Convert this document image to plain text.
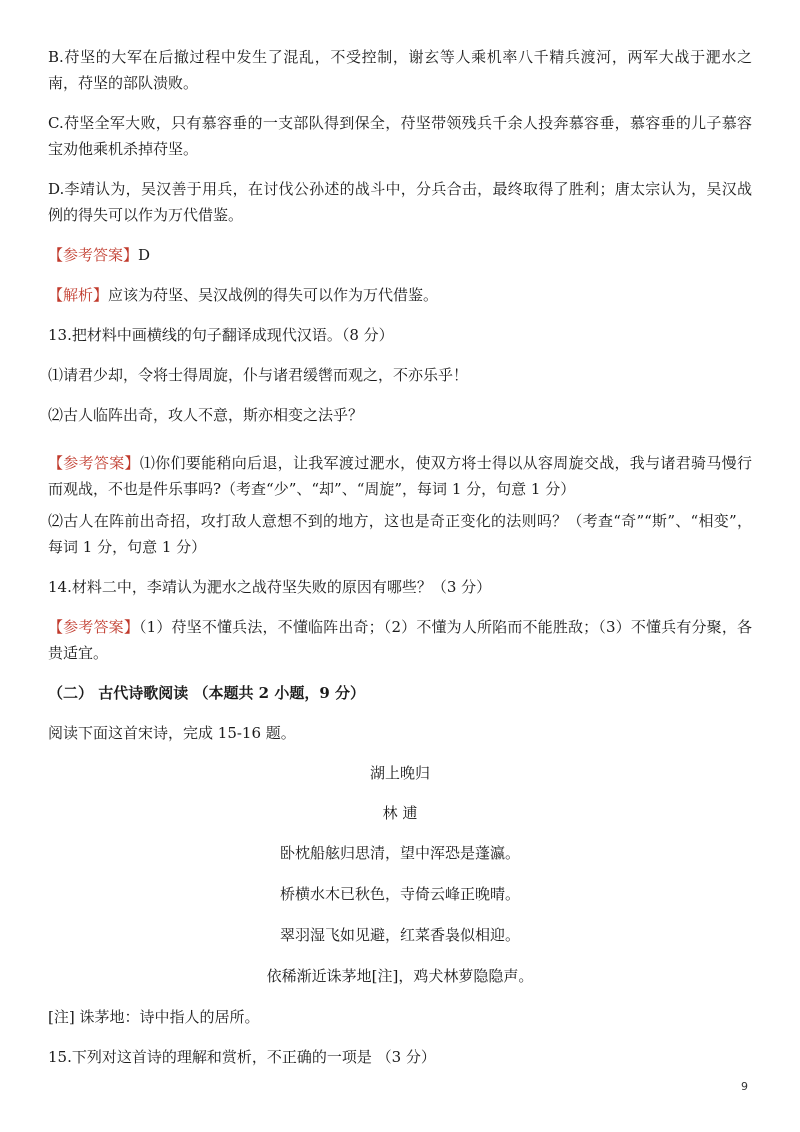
B.苻坚的大军在后撤过程中发生了混乱，不受控制，谢玄等人乘机率八千精兵渡河，两军大战于淝水之南，苻坚的部队溃败。

C.苻坚全军大败，只有慕容垂的一支部队得到保全，苻坚带领残兵千余人投奔慕容垂，慕容垂的儿子慕容宝劝他乘机杀掉苻坚。

D.李靖认为，吴汉善于用兵，在讨伐公孙述的战斗中，分兵合击，最终取得了胜利；唐太宗认为，吴汉战例的得失可以作为万代借鉴。

【参考答案】D

【解析】应该为苻坚、吴汉战例的得失可以作为万代借鉴。

13.把材料中画横线的句子翻译成现代汉语。（8 分）

⑴请君少却，令将士得周旋，仆与诸君缓辔而观之，不亦乐乎！

⑵古人临阵出奇，攻人不意，斯亦相变之法乎？

【参考答案】⑴你们要能稍向后退，让我军渡过淝水，使双方将士得以从容周旋交战，我与诸君骑马慢行而观战，不也是件乐事吗?（考查“少”、“却”、“周旋”，每词 1 分，句意 1 分）

⑵古人在阵前出奇招，攻打敌人意想不到的地方，这也是奇正变化的法则吗？（考查“奇”“斯”、“相变”，每词 1 分，句意 1 分）

14.材料二中，李靖认为淝水之战苻坚失败的原因有哪些？（3 分）

【参考答案】（1）苻坚不懂兵法，不懂临阵出奇；（2）不懂为人所陷而不能胜敌；（3）不懂兵有分聚，各贵适宜。

（二） 古代诗歌阅读 （本题共 2 小题，9 分）

阅读下面这首宋诗，完成 15-16 题。

湖上晚归
林 逋
卧枕船舷归思清，望中浑恐是蓬瀛。
桥横水木已秋色，寺倚云峰正晚晴。
翠羽湿飞如见避，红菜香袅似相迎。
依稀渐近诛茅地[注]，鸡犬林萝隐隐声。

[注] 诛茅地：诗中指人的居所。

15.下列对这首诗的理解和赏析，不正确的一项是 （3 分）

9
